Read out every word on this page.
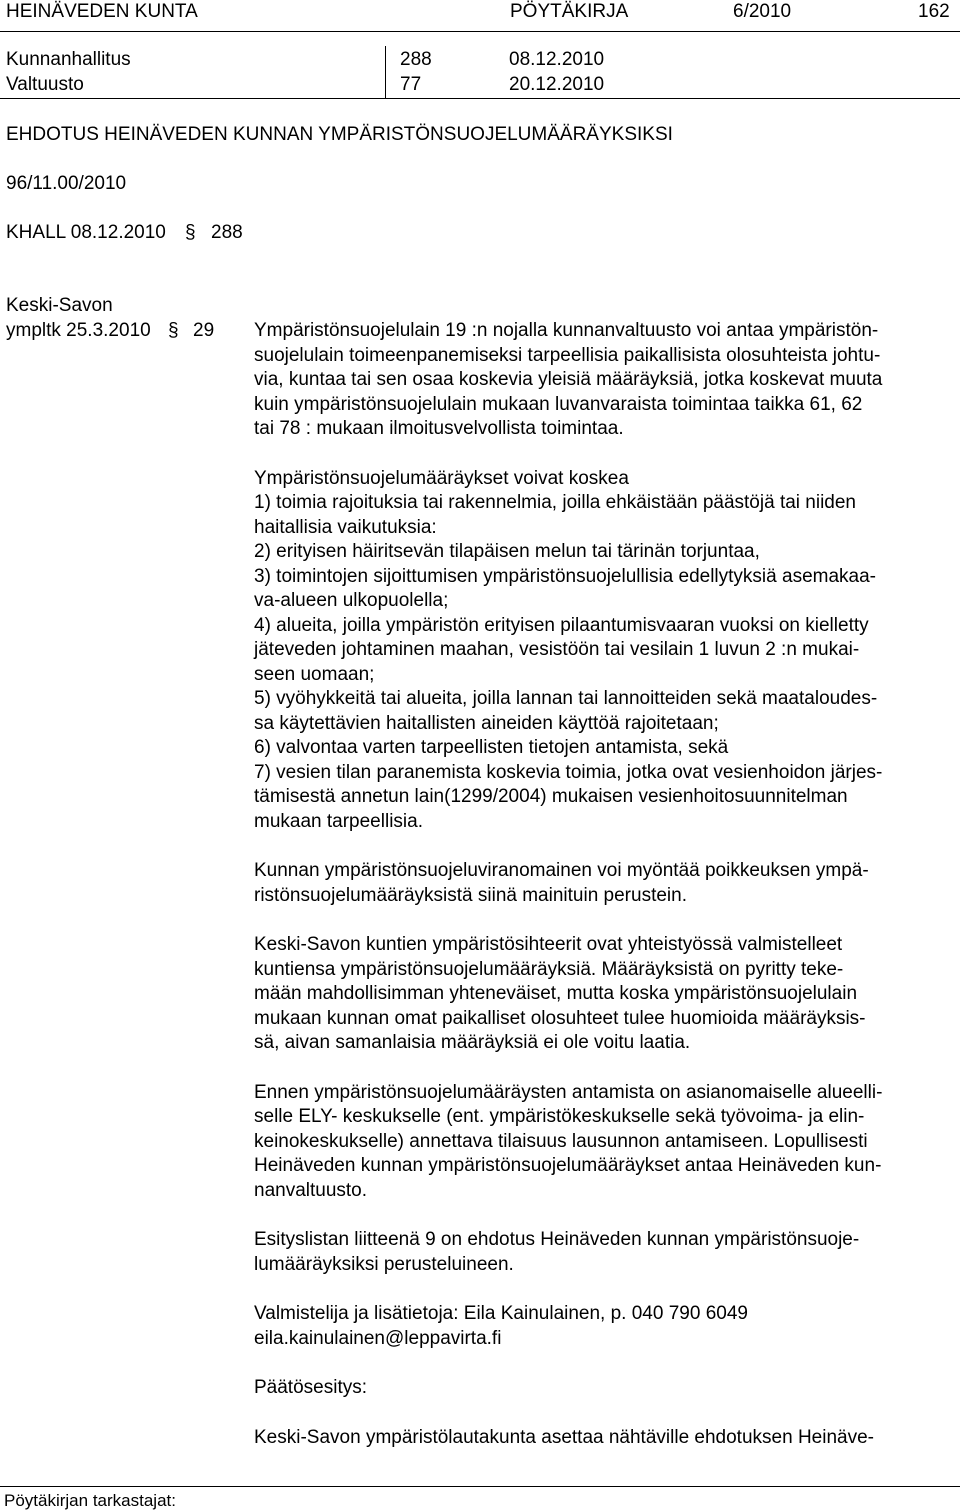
HEINÄVEDEN KUNTA	PÖYTÄKIRJA	6/2010	162
Kunnanhallitus	288	08.12.2010
Valtuusto	77	20.12.2010
EHDOTUS HEINÄVEDEN KUNNAN YMPÄRISTÖNSUOJELUMÄÄRÄYKSIKSI
96/11.00/2010
KHALL 08.12.2010 § 288
Keski-Savon
ympltk 25.3.2010 § 29 Ympäristönsuojelulain 19 :n nojalla kunnanvaltuusto voi antaa ympäristön-
suojelulain toimeenpanemiseksi tarpeellisia paikallisista olosuhteista johtu-
via, kuntaa tai sen osaa koskevia yleisiä määräyksiä, jotka koskevat muuta
kuin ympäristönsuojelulain mukaan luvanvaraista toimintaa taikka 61, 62
tai 78 : mukaan ilmoitusvelvollista toimintaa.
Ympäristönsuojelumääräykset voivat koskea
1) toimia rajoituksia tai rakennelmia, joilla ehkäistään päästöjä tai niiden
haitallisia vaikutuksia:
2) erityisen häiritsevän tilapäisen melun tai tärinän torjuntaa,
3) toimintojen sijoittumisen ympäristönsuojelullisia edellytyksiä asemakaa-
va-alueen ulkopuolella;
4) alueita, joilla ympäristön erityisen pilaantumisvaaran vuoksi on kielletty
jäteveden johtaminen maahan, vesistöön tai vesilain 1 luvun 2 :n mukai-
seen uomaan;
5) vyöhykkeitä tai alueita, joilla lannan tai lannoitteiden sekä maataloudes-
sa käytettävien haitallisten aineiden käyttöä rajoitetaan;
6) valvontaa varten tarpeellisten tietojen antamista, sekä
7) vesien tilan paranemista koskevia toimia, jotka ovat vesienhoidon järjes-
tämisestä annetun lain(1299/2004) mukaisen vesienhoitosuunnitelman
mukaan tarpeellisia.
Kunnan ympäristönsuojeluviranomainen voi myöntää poikkeuksen ympä-
ristönsuojelumääräyksistä siinä mainituin perustein.
Keski-Savon kuntien ympäristösihteerit ovat yhteistyössä valmistelleet
kuntiensa ympäristönsuojelumääräyksiä. Määräyksistä on pyritty teke-
mään mahdollisimman yhteneväiset, mutta koska ympäristönsuojelulain
mukaan kunnan omat paikalliset olosuhteet tulee huomioida määräyksis-
sä, aivan samanlaisia määräyksiä ei ole voitu laatia.
Ennen ympäristönsuojelumääräysten antamista on asianomaiselle alueelli-
selle ELY- keskukselle (ent. ympäristökeskukselle sekä työvoima- ja elin-
keinokeskukselle) annettava tilaisuus lausunnon antamiseen. Lopullisesti
Heinäveden kunnan ympäristönsuojelumääräykset antaa Heinäveden kun-
nanvaltuusto.
Esityslistan liitteenä 9 on ehdotus Heinäveden kunnan ympäristönsuoje-
lumääräyksiksi perusteluineen.
Valmistelija ja lisätietoja: Eila Kainulainen, p. 040 790 6049
eila.kainulainen@leppavirta.fi
Päätösesitys:
Keski-Savon ympäristölautakunta asettaa nähtäville ehdotuksen Heinäve-
Pöytäkirjan tarkastajat:
